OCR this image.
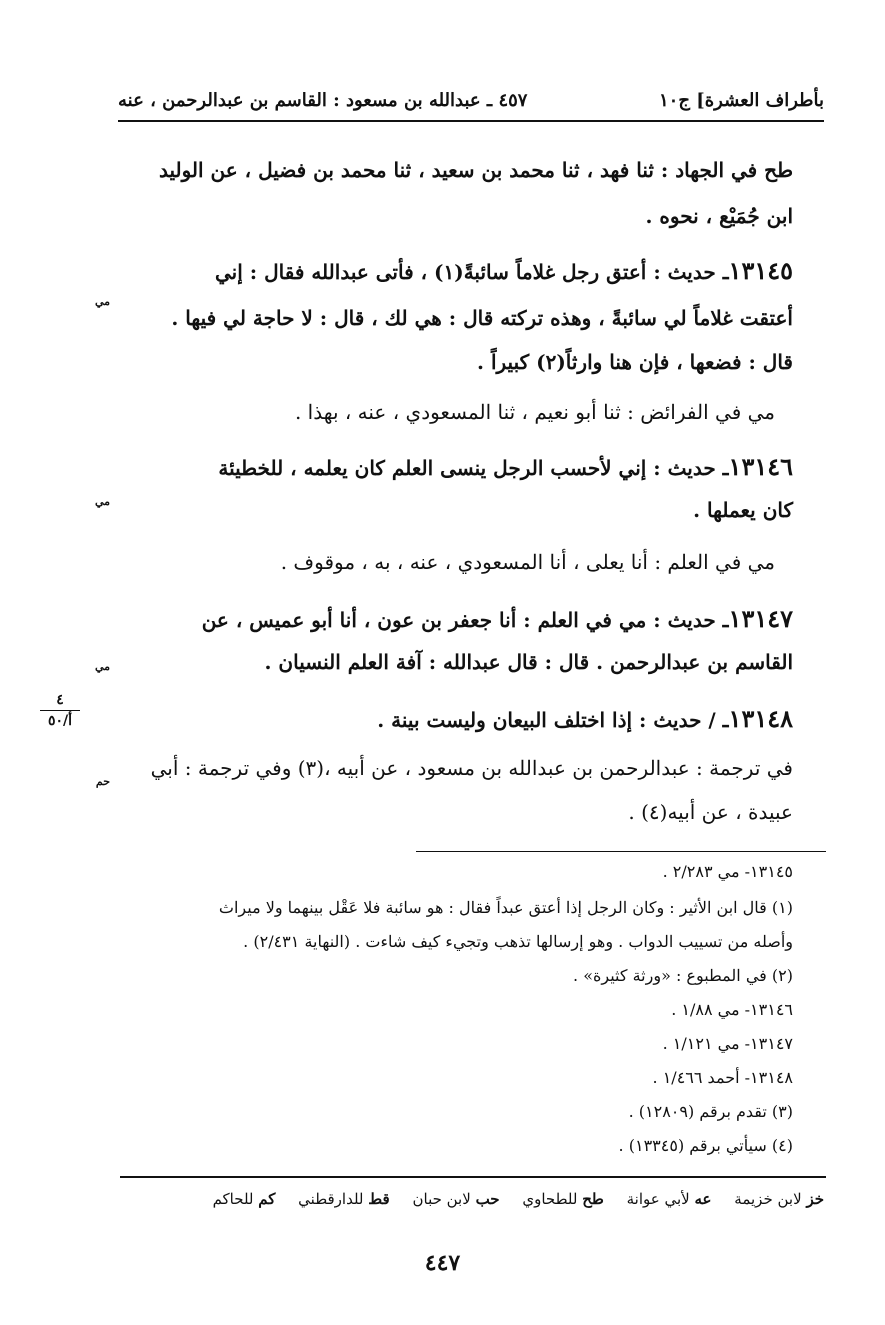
بأطراف العشرة] ج١٠
٤٥٧ ـ عبدالله بن مسعود : القاسم بن عبدالرحمن ، عنه
طح في الجهاد : ثنا فهد ، ثنا محمد بن سعيد ، ثنا محمد بن فضيل ، عن الوليد
ابن جُمَيْع ، نحوه .
١٣١٤٥ـ حديث : أعتق رجل غلاماً سائبةً(١) ، فأتى عبدالله فقال : إني
مي
أعتقت غلاماً لي سائبةً ، وهذه تركته قال : هي لك ، قال : لا حاجة لي فيها .
قال : فضعها ، فإن هنا وارثاً(٢) كبيراً .
مي في الفرائض : ثنا أبو نعيم ، ثنا المسعودي ، عنه ، بهذا .
١٣١٤٦ـ حديث : إني لأحسب الرجل ينسى العلم كان يعلمه ، للخطيئة
مي	كان يعملها .
مي في العلم : أنا يعلى ، أنا المسعودي ، عنه ، به ، موقوف .
١٣١٤٧ـ حديث : مي في العلم : أنا جعفر بن عون ، أنا أبو عميس ، عن
مي	القاسم بن عبدالرحمن . قال : قال عبدالله : آفة العلم النسيان .
١٣١٤٨ـ / حديث : إذا اختلف البيعان وليست بينة .
حم
في ترجمة : عبدالرحمن بن عبدالله بن مسعود ، عن أبيه ،(٣) وفي ترجمة : أبي
عبيدة ، عن أبيه(٤) .
٤
أ/٥٠
١٣١٤٥- مي ٢/٢٨٣ .
(١) قال ابن الأثير : وكان الرجل إذا أعتق عبداً فقال : هو سائبة فلا عَقْل بينهما ولا ميراث
وأصله من تسييب الدواب . وهو إرسالها تذهب وتجيء كيف شاءت . (النهاية ٢/٤٣١) .
(٢) في المطبوع : «ورثة كثيرة» .
١٣١٤٦- مي ١/٨٨ .
١٣١٤٧- مي ١/١٢١ .
١٣١٤٨- أحمد ١/٤٦٦ .
(٣) تقدم برقم (١٢٨٠٩) .
(٤) سيأتي برقم (١٣٣٤٥) .
خز لابن خزيمة عه لأبي عوانة طح للطحاوي حب لابن حبان قط للدارقطني كم للحاكم
٤٤٧
